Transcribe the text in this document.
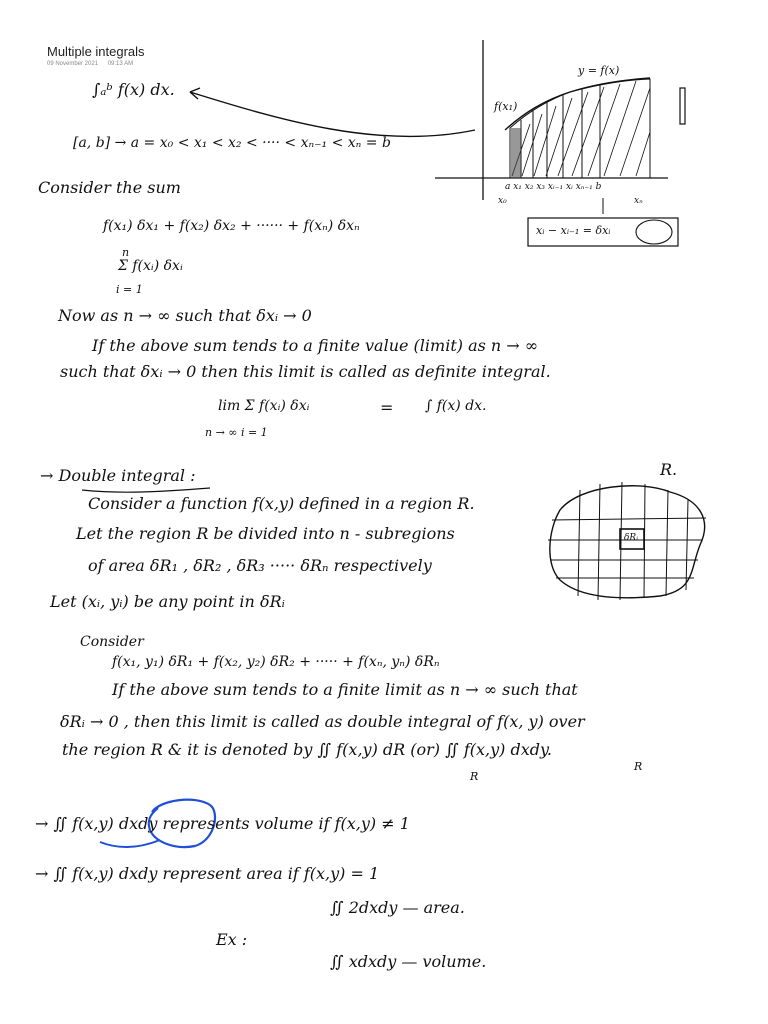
Multiple integrals
09 November 2021 09:13 AM
∫ₐᵇ f(x) dx.
[a, b] → a = x₀ < x₁ < x₂ < ···· < xₙ₋₁ < xₙ = b
Consider the sum
f(x₁) δx₁ + f(x₂) δx₂ + ······ + f(xₙ) δxₙ
n
Σ f(xᵢ) δxᵢ
i = 1
Now as n → ∞ such that δxᵢ → 0
If the above sum tends to a finite value (limit) as n → ∞
such that δxᵢ → 0 then this limit is called as definite integral.
lim Σ f(xᵢ) δxᵢ
n → ∞ i = 1
= ∫ f(x) dx.
y = f(x)
f(x₁)
a x₁ x₂ x₃ xᵢ₋₁ xᵢ xₙ₋₁ b
x₀	xₙ
xᵢ − xᵢ₋₁ = δxᵢ
→ Double integral :
Consider a function f(x,y) defined in a region R.
Let the region R be divided into n - subregions
of area δR₁ , δR₂ , δR₃ ····· δRₙ respectively
Let (xᵢ, yᵢ) be any point in δRᵢ
R.
δRᵢ
Consider
f(x₁, y₁) δR₁ + f(x₂, y₂) δR₂ + ····· + f(xₙ, yₙ) δRₙ
If the above sum tends to a finite limit as n → ∞ such that
δRᵢ → 0 , then this limit is called as double integral of f(x, y) over
the region R & it is denoted by ∬ f(x,y) dR (or) ∬ f(x,y) dxdy.
R
R
→ ∬ f(x,y) dxdy represents volume if f(x,y) ≠ 1
→ ∬ f(x,y) dxdy represent area if f(x,y) = 1
Ex :
∬ 2dxdy — area.
∬ xdxdy — volume.
